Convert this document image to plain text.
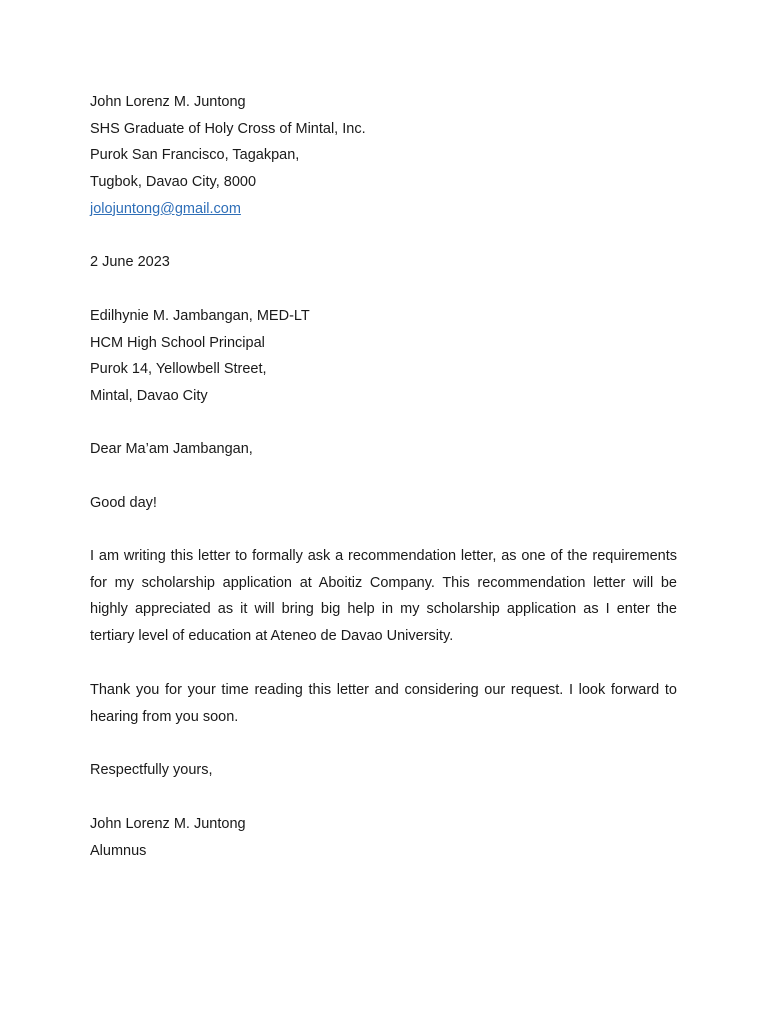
John Lorenz M. Juntong
SHS Graduate of Holy Cross of Mintal, Inc.
Purok San Francisco, Tagakpan,
Tugbok, Davao City, 8000
jolojuntong@gmail.com
2 June 2023
Edilhynie M. Jambangan, MED-LT
HCM High School Principal
Purok 14, Yellowbell Street,
Mintal, Davao City
Dear Ma’am Jambangan,
Good day!

I am writing this letter to formally ask a recommendation letter, as one of the requirements for my scholarship application at Aboitiz Company. This recommendation letter will be highly appreciated as it will bring big help in my scholarship application as I enter the tertiary level of education at Ateneo de Davao University.

Thank you for your time reading this letter and considering our request. I look forward to hearing from you soon.

Respectfully yours,
John Lorenz M. Juntong
Alumnus
